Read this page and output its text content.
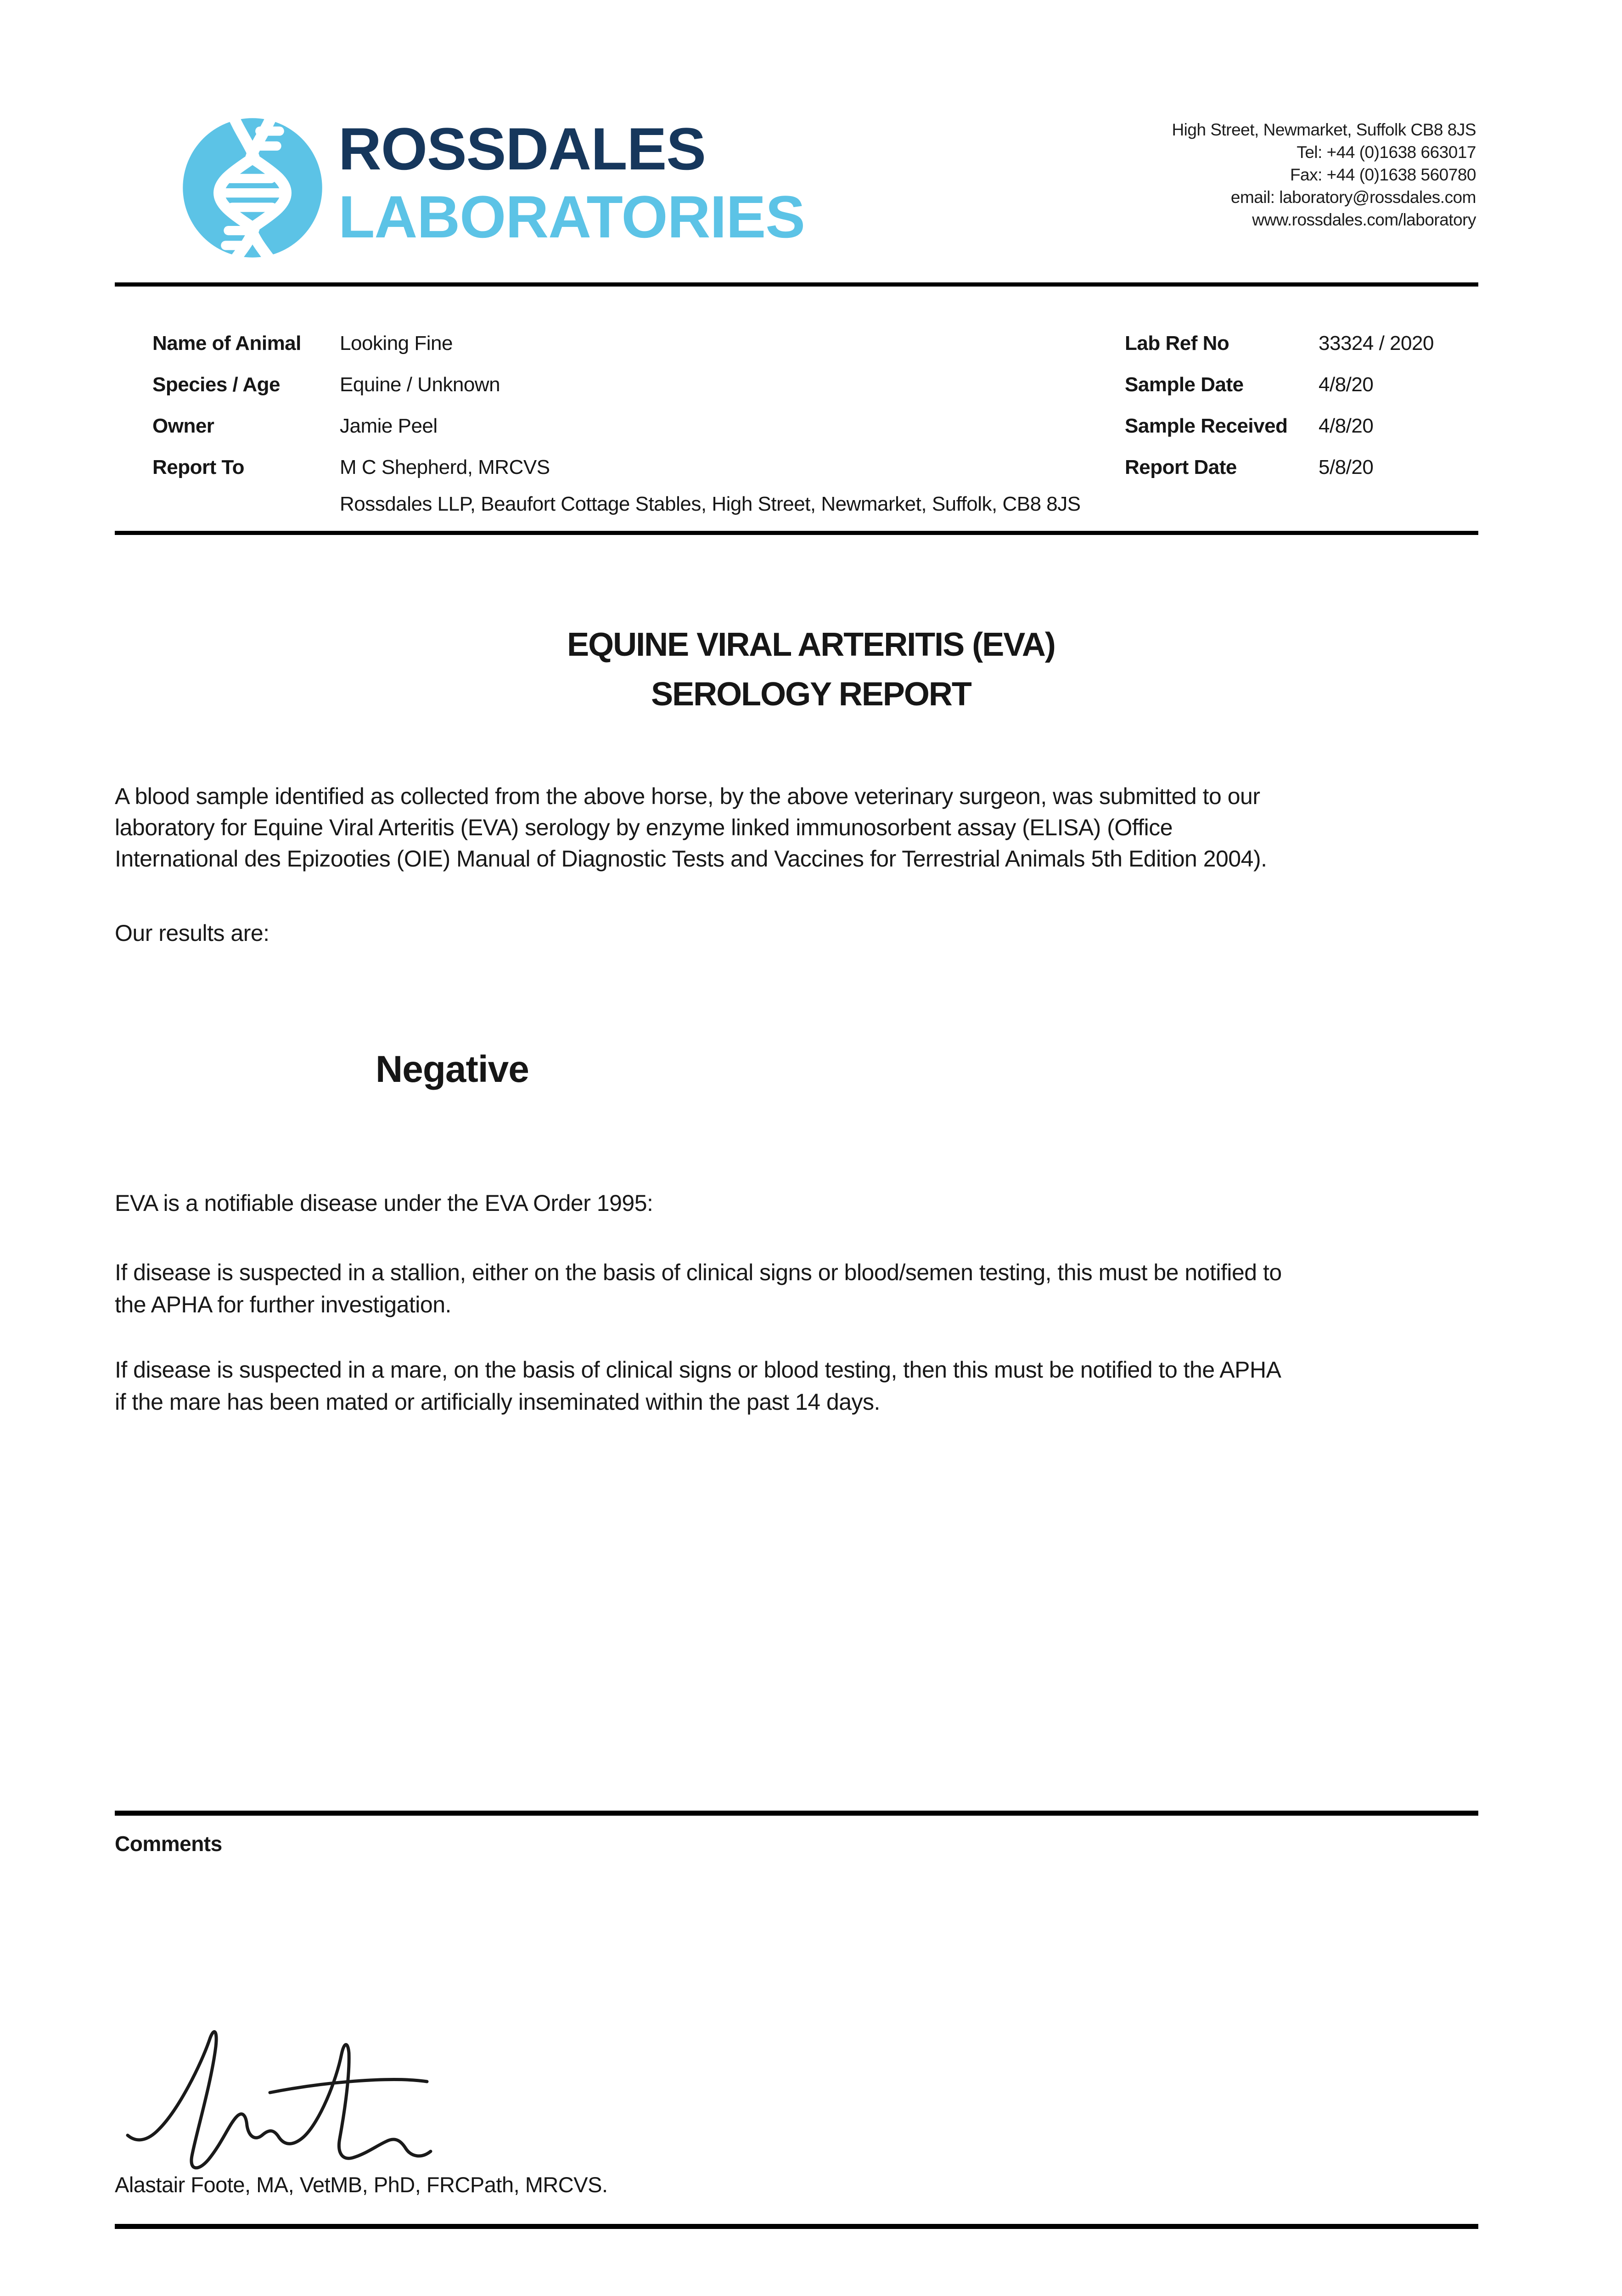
ROSSDALES
LABORATORIES
High Street, Newmarket, Suffolk CB8 8JS
Tel: +44 (0)1638 663017
Fax: +44 (0)1638 560780
email: laboratory@rossdales.com
www.rossdales.com/laboratory
Name of Animal Looking Fine
Species / Age	Equine / Unknown
Owner	Jamie Peel
Report To	M C Shepherd, MRCVS
Rossdales LLP, Beaufort Cottage Stables, High Street, Newmarket, Suffolk, CB8 8JS
Lab Ref No	33324 / 2020
Sample Date	4/8/20
Sample Received 4/8/20
Report Date	5/8/20
EQUINE VIRAL ARTERITIS (EVA)
SEROLOGY REPORT
A blood sample identified as collected from the above horse, by the above veterinary surgeon, was submitted to our
laboratory for Equine Viral Arteritis (EVA) serology by enzyme linked immunosorbent assay (ELISA) (Office
International des Epizooties (OIE) Manual of Diagnostic Tests and Vaccines for Terrestrial Animals 5th Edition 2004).
Our results are:
Negative
EVA is a notifiable disease under the EVA Order 1995:
If disease is suspected in a stallion, either on the basis of clinical signs or blood/semen testing, this must be notified to
the APHA for further investigation.
If disease is suspected in a mare, on the basis of clinical signs or blood testing, then this must be notified to the APHA
if the mare has been mated or artificially inseminated within the past 14 days.
Comments
Alastair Foote, MA, VetMB, PhD, FRCPath, MRCVS.
